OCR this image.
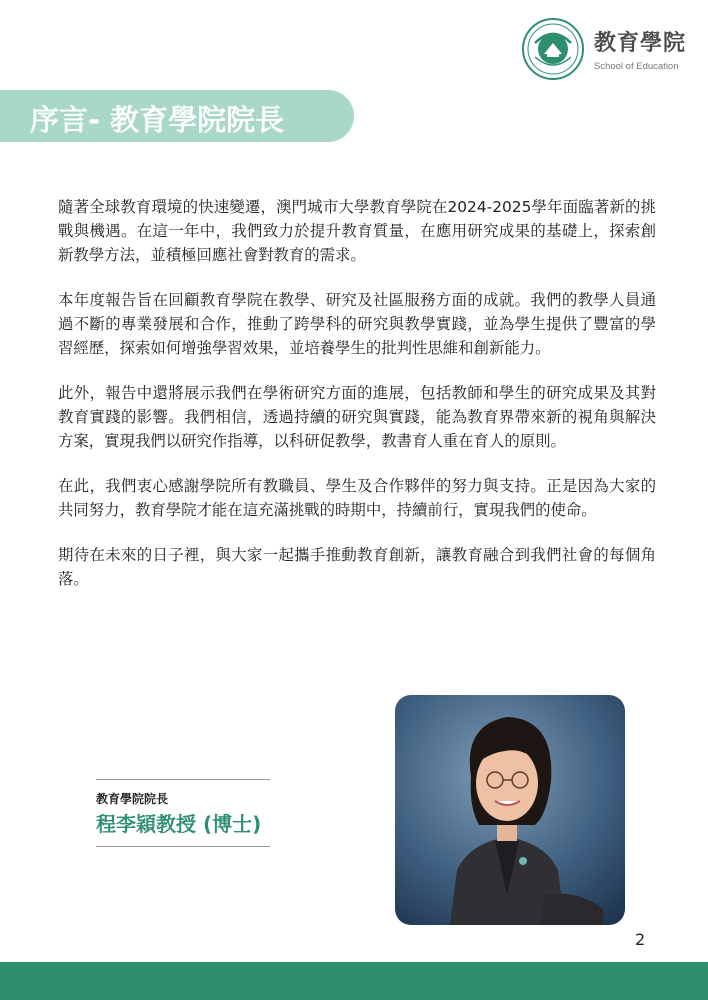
教育學院
School of Education
序言- 教育學院院長

隨著全球教育環境的快速變遷，澳門城市大學教育學院在2024-2025學年面臨著新的挑戰與機遇。在這一年中，我們致力於提升教育質量，在應用研究成果的基礎上，探索創新教學方法，並積極回應社會對教育的需求。

本年度報告旨在回顧教育學院在教學、研究及社區服務方面的成就。我們的教學人員通過不斷的專業發展和合作，推動了跨學科的研究與教學實踐，並為學生提供了豐富的學習經歷，探索如何增強學習效果，並培養學生的批判性思維和創新能力。

此外，報告中還將展示我們在學術研究方面的進展，包括教師和學生的研究成果及其對教育實踐的影響。我們相信，透過持續的研究與實踐，能為教育界帶來新的視角與解決方案，實現我們以研究作指導，以科研促教學，教書育人重在育人的原則。

在此，我們衷心感謝學院所有教職員、學生及合作夥伴的努力與支持。正是因為大家的共同努力，教育學院才能在這充滿挑戰的時期中，持續前行，實現我們的使命。

期待在未來的日子裡，與大家一起攜手推動教育創新，讓教育融合到我們社會的每個角落。

教育學院院長
程李穎教授 (博士)
2
